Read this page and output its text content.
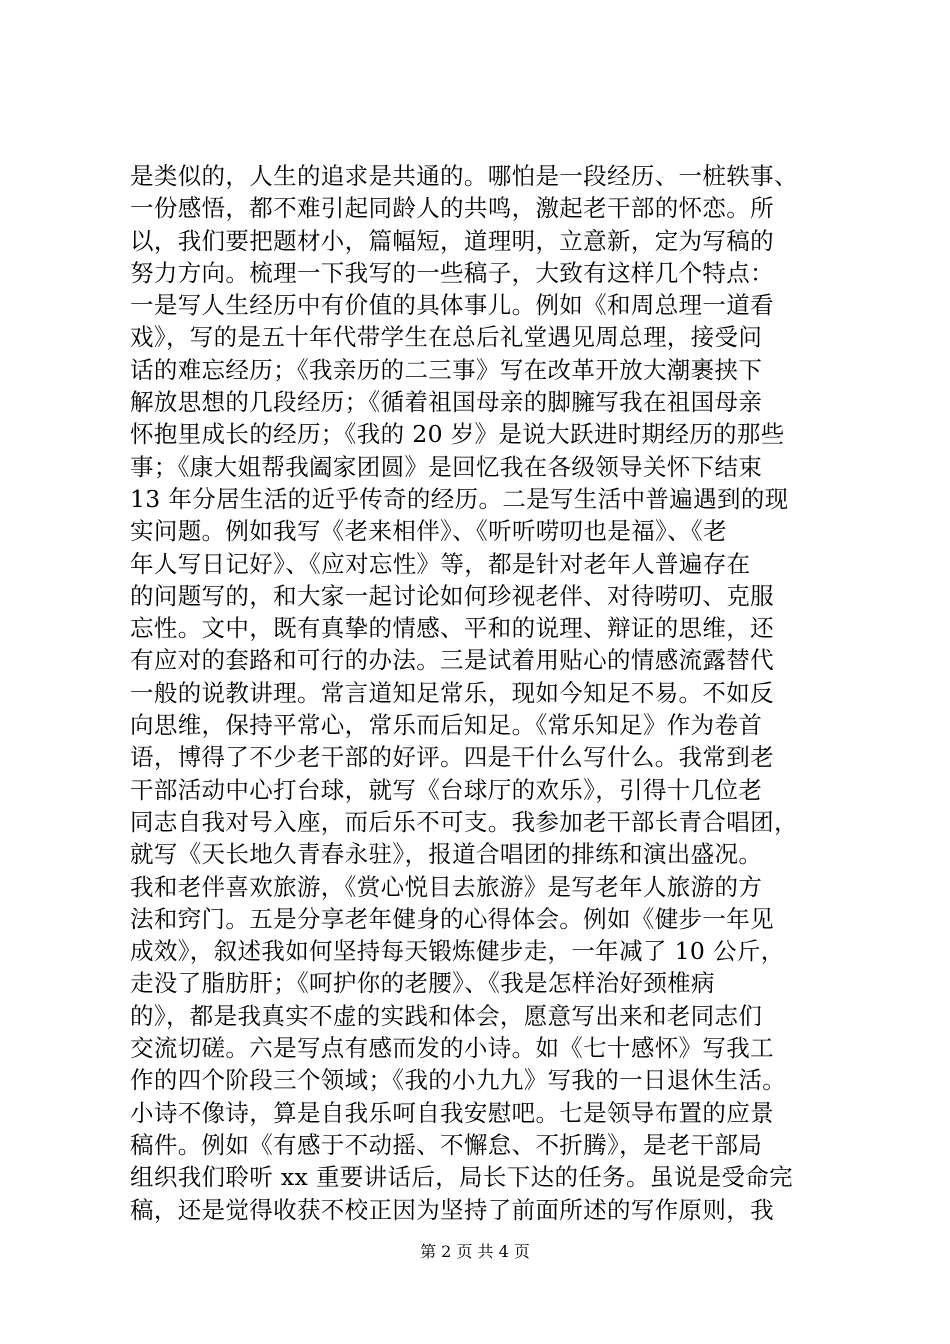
是类似的，人生的追求是共通的。哪怕是一段经历、一桩轶事、
一份感悟，都不难引起同龄人的共鸣，激起老干部的怀恋。所
以，我们要把题材小，篇幅短，道理明，立意新，定为写稿的
努力方向。梳理一下我写的一些稿子，大致有这样几个特点：
一是写人生经历中有价值的具体事儿。例如《和周总理一道看
戏》，写的是五十年代带学生在总后礼堂遇见周总理，接受问
话的难忘经历；《我亲历的二三事》写在改革开放大潮裹挟下
解放思想的几段经历；《循着祖国母亲的脚臃写我在祖国母亲
怀抱里成长的经历；《我的 20 岁》是说大跃进时期经历的那些
事；《康大姐帮我阖家团圆》是回忆我在各级领导关怀下结束
13 年分居生活的近乎传奇的经历。二是写生活中普遍遇到的现
实问题。例如我写《老来相伴》、《听听唠叨也是福》、《老
年人写日记好》、《应对忘性》等，都是针对老年人普遍存在
的问题写的，和大家一起讨论如何珍视老伴、对待唠叨、克服
忘性。文中，既有真挚的情感、平和的说理、辩证的思维，还
有应对的套路和可行的办法。三是试着用贴心的情感流露替代
一般的说教讲理。常言道知足常乐，现如今知足不易。不如反
向思维，保持平常心，常乐而后知足。《常乐知足》作为卷首
语，博得了不少老干部的好评。四是干什么写什么。我常到老
干部活动中心打台球，就写《台球厅的欢乐》，引得十几位老
同志自我对号入座，而后乐不可支。我参加老干部长青合唱团，
就写《天长地久青春永驻》，报道合唱团的排练和演出盛况。
我和老伴喜欢旅游，《赏心悦目去旅游》是写老年人旅游的方
法和窍门。五是分享老年健身的心得体会。例如《健步一年见
成效》，叙述我如何坚持每天锻炼健步走，一年减了 10 公斤，
走没了脂肪肝；《呵护你的老腰》、《我是怎样治好颈椎病
的》，都是我真实不虚的实践和体会，愿意写出来和老同志们
交流切磋。六是写点有感而发的小诗。如《七十感怀》写我工
作的四个阶段三个领域；《我的小九九》写我的一日退休生活。
小诗不像诗，算是自我乐呵自我安慰吧。七是领导布置的应景
稿件。例如《有感于不动摇、不懈怠、不折腾》，是老干部局
组织我们聆听 xx 重要讲话后，局长下达的任务。虽说是受命完
稿，还是觉得收获不校正因为坚持了前面所述的写作原则，我
第 2 页 共 4 页
